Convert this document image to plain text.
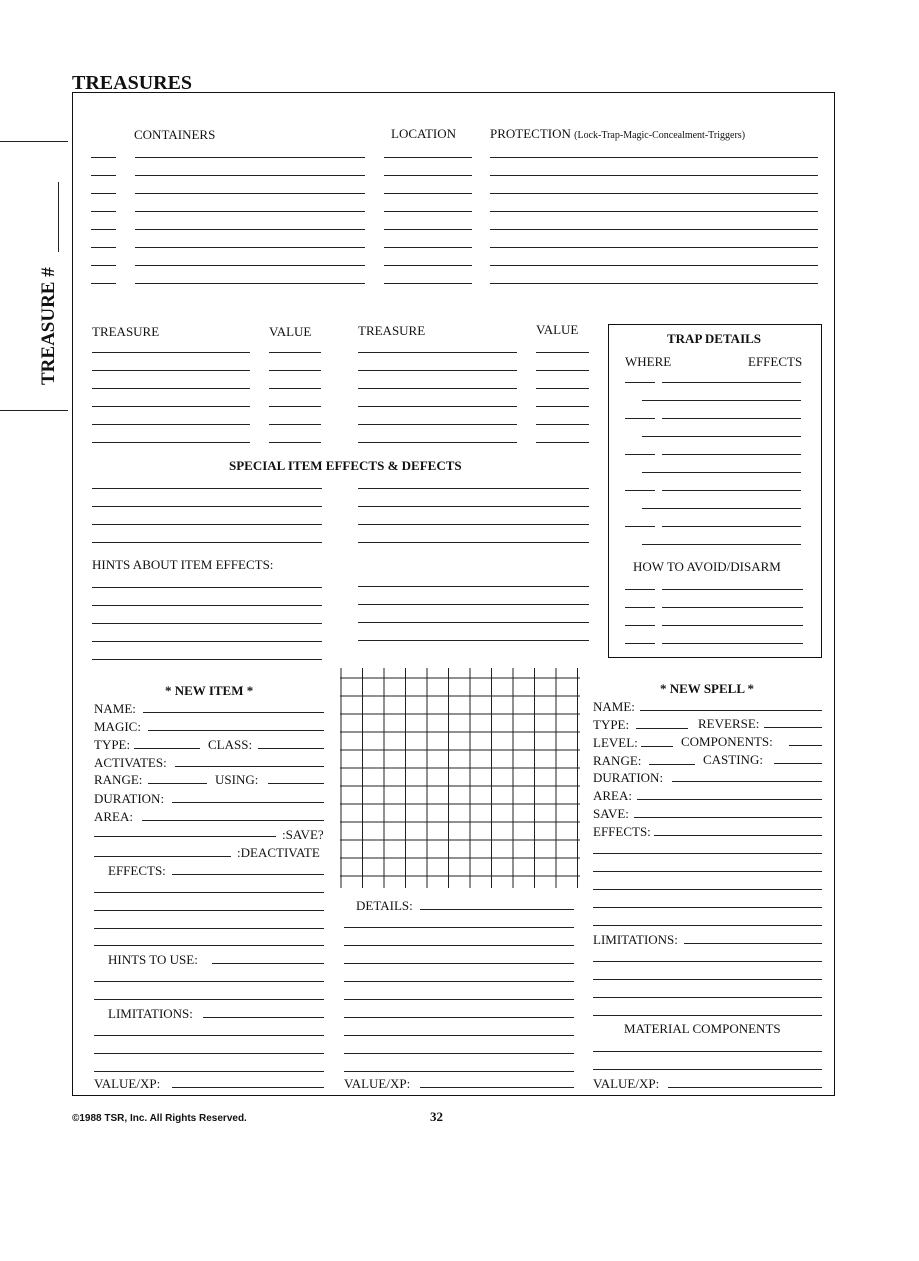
TREASURES
TREASURE #
CONTAINERS	LOCATION	PROTECTION (Lock-Trap-Magic-Concealment-Triggers)
TREASURE	VALUE	TREASURE	VALUE
SPECIAL ITEM EFFECTS & DEFECTS
HINTS ABOUT ITEM EFFECTS:
TRAP DETAILS
WHERE	EFFECTS
HOW TO AVOID/DISARM
* NEW ITEM *
NAME:
MAGIC:
TYPE:	CLASS:
ACTIVATES:
RANGE:	USING:
DURATION:
AREA:
:SAVE?
:DEACTIVATE
EFFECTS:
HINTS TO USE:
LIMITATIONS:
VALUE/XP:
DETAILS:
VALUE/XP:
* NEW SPELL *
NAME:
TYPE:	REVERSE:
LEVEL:	COMPONENTS:
RANGE:	CASTING:
DURATION:
AREA:
SAVE:
EFFECTS:
LIMITATIONS:
MATERIAL COMPONENTS
VALUE/XP:
©1988 TSR, Inc. All Rights Reserved.	32
